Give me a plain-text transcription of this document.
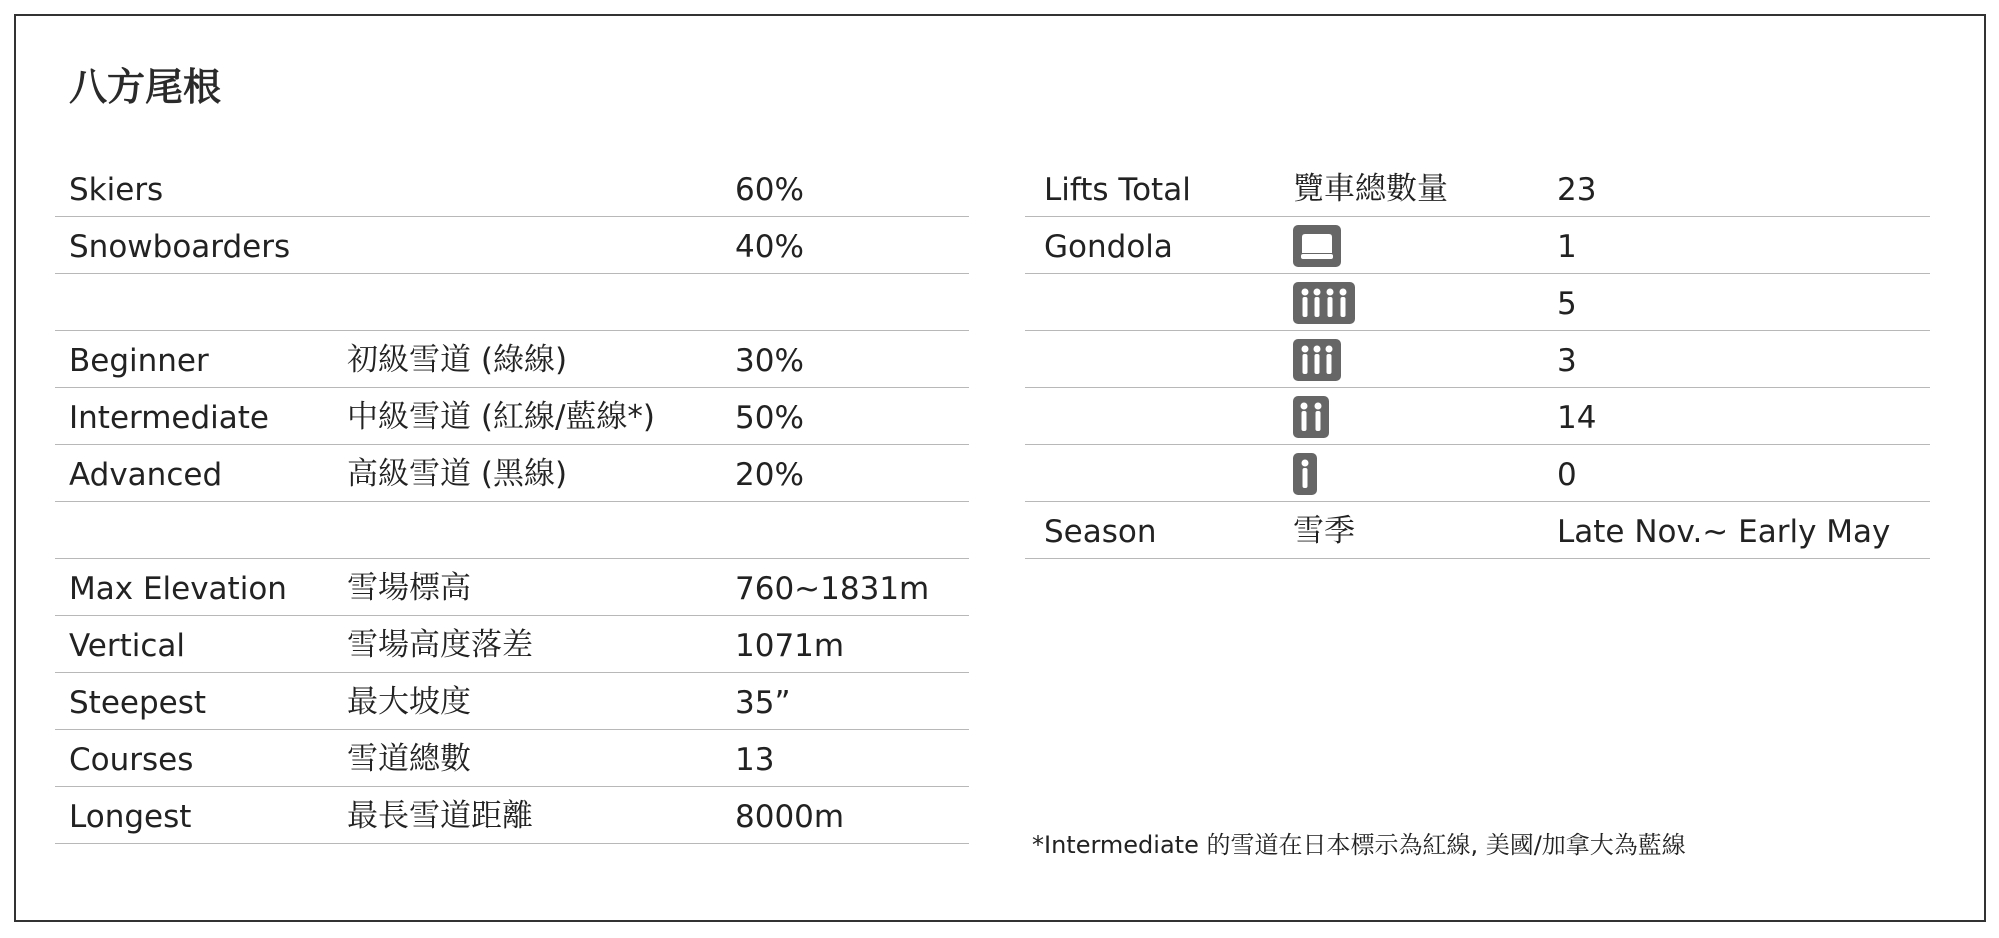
八方尾根
Skiers	60%
Snowboarders	40%
Beginner	初級雪道 (綠線)	30%
Intermediate	中級雪道 (紅線/藍線*)	50%
Advanced	高級雪道 (黑線)	20%
Max Elevation 雪場標高	760~1831m
Vertical	雪場高度落差	1071m
Steepest	最大坡度	35”
Courses	雪道總數	13
Longest	最長雪道距離	8000m
Lifts Total	覽車總數量	23
Gondola	1
5
3
14
0
Season	雪季	Late Nov.~ Early May

*Intermediate 的雪道在日本標示為紅線, 美國/加拿大為藍線
